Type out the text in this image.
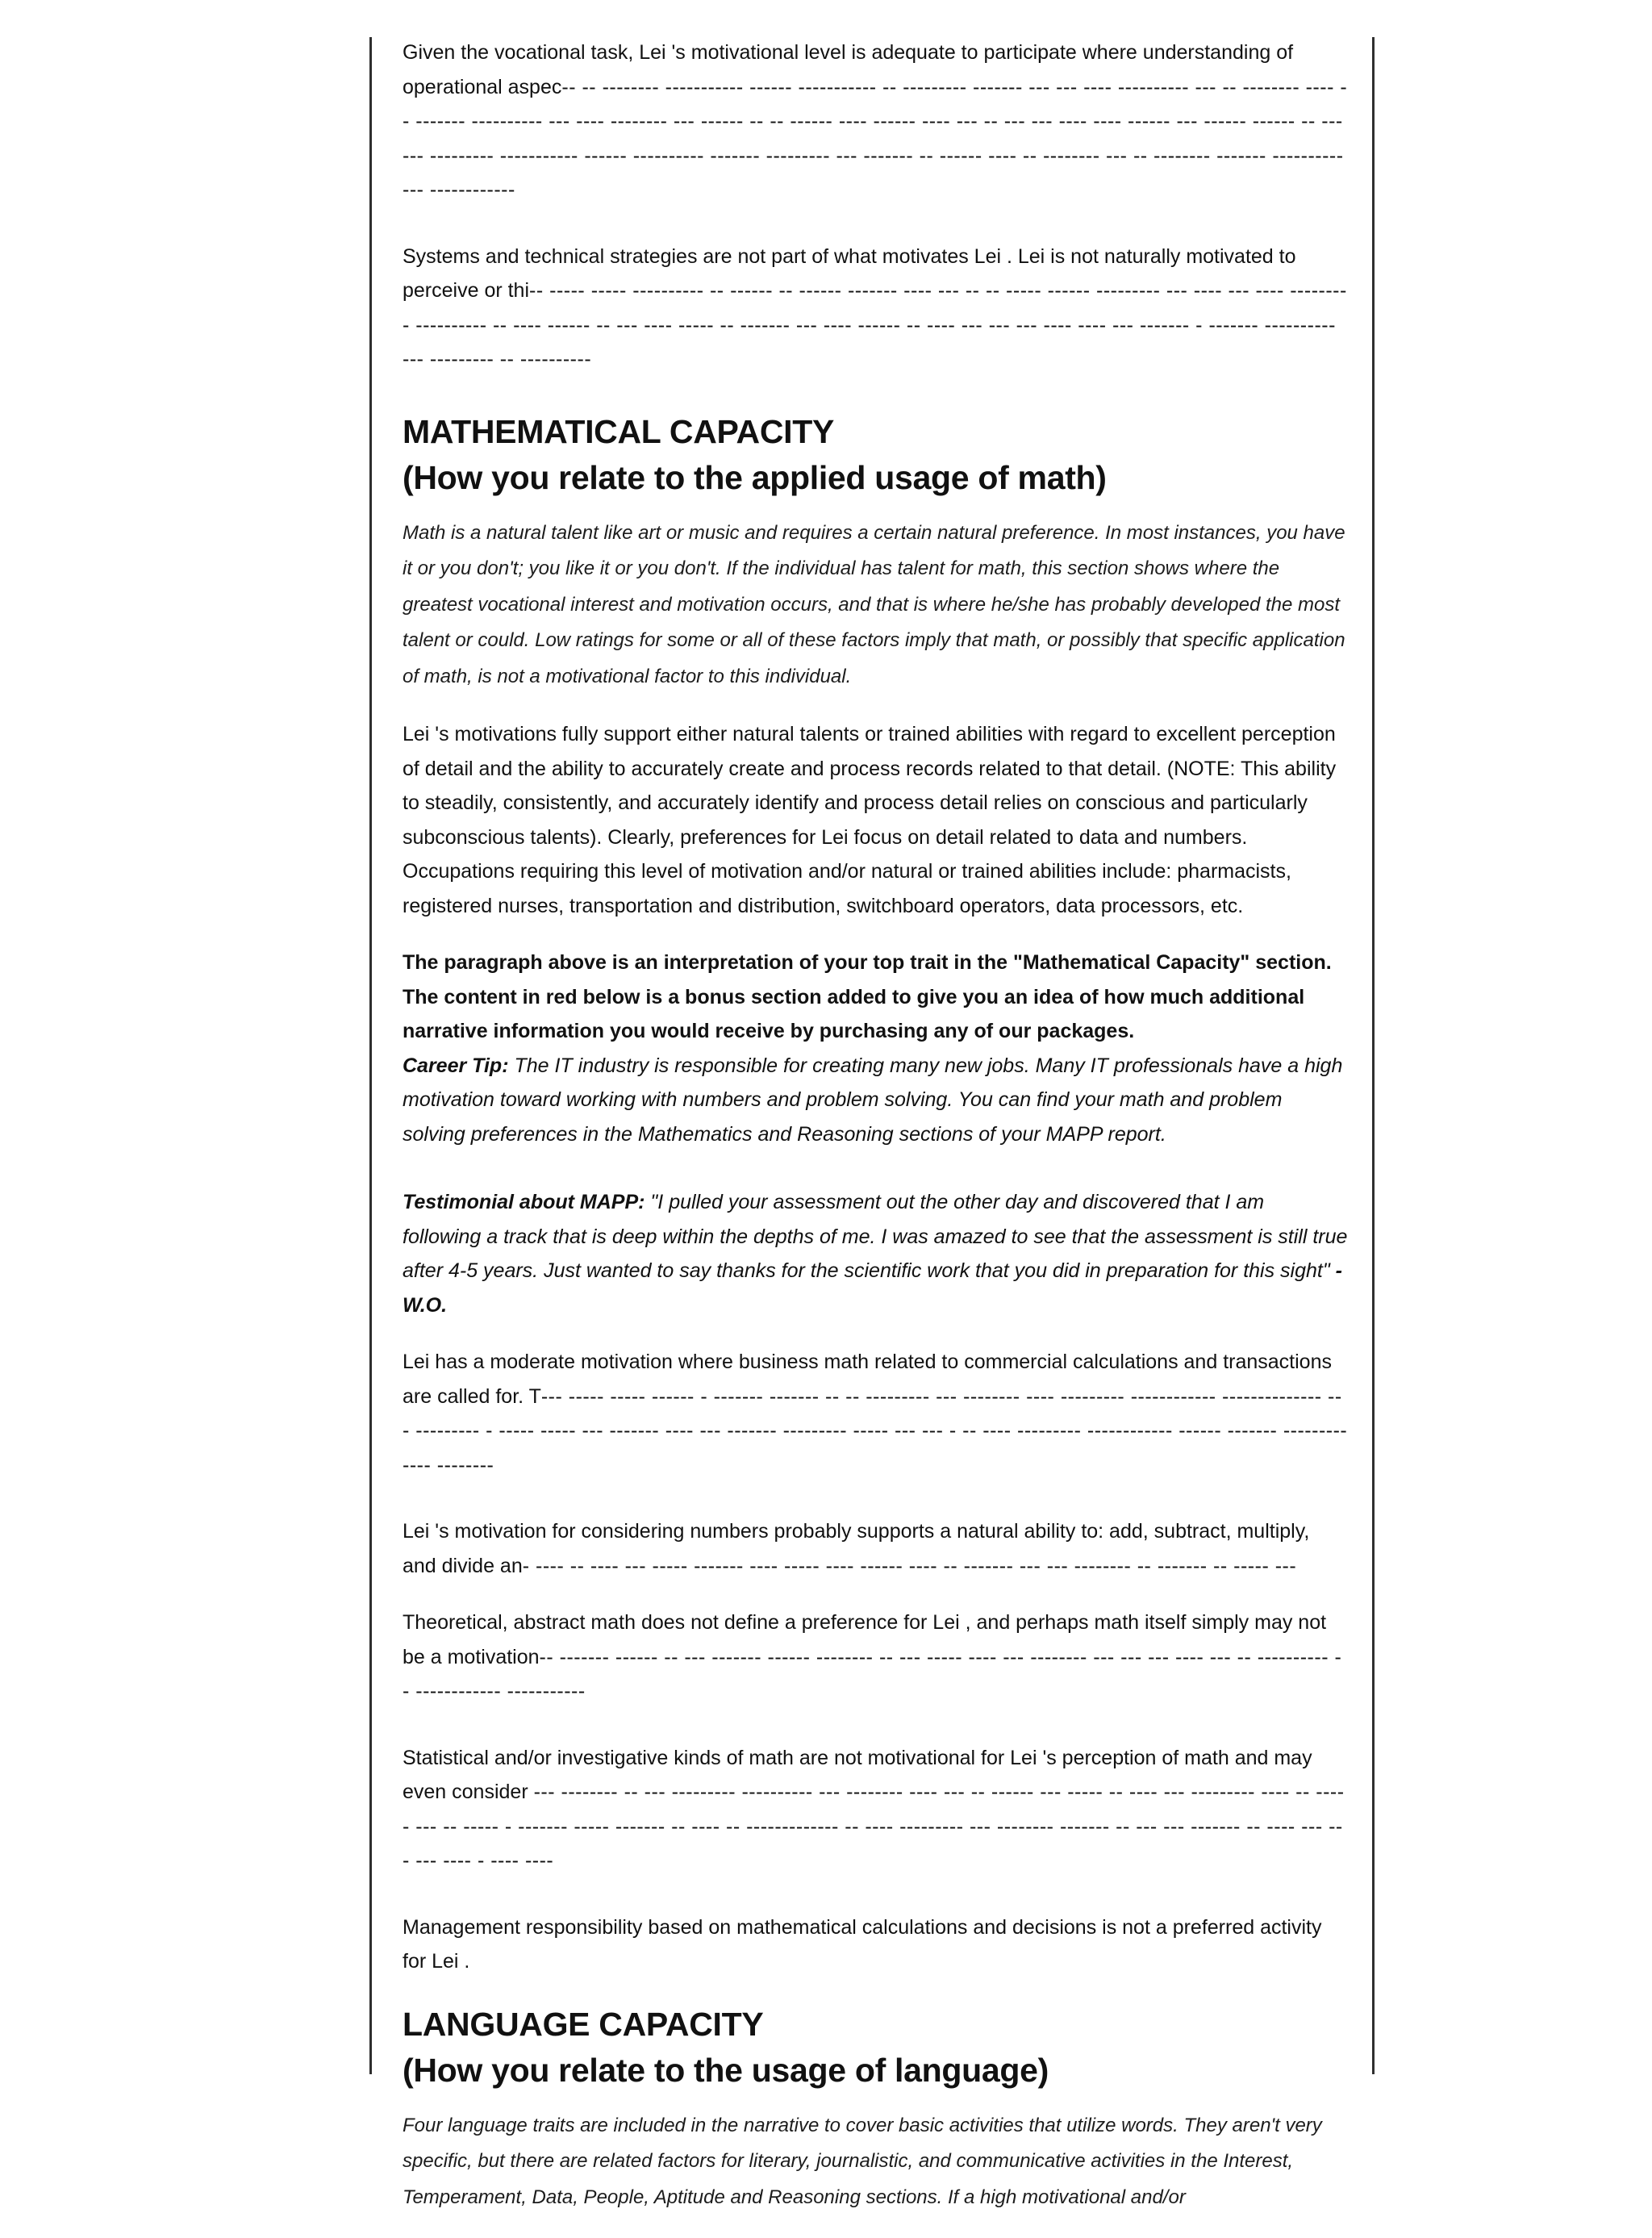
Given the vocational task, Lei 's motivational level is adequate to participate where understanding of operational aspec-- -- -------- ----------- ------ ----------- -- --------- ------- --- --- ---- ---------- --- -- -------- ---- -- ------- ---------- --- ---- -------- --- ------ -- -- ------ ---- ------ ---- --- -- --- --- ---- ---- ------ --- ------ ------ -- ------ --------- ----------- ------ ---------- ------- --------- --- ------- -- ------ ---- -- -------- --- -- -------- ------- ---------- --- ------------

Systems and technical strategies are not part of what motivates Lei . Lei is not naturally motivated to perceive or thi-- ----- ----- ---------- -- ------ -- ------ ------- ---- --- -- -- ----- ------ --------- --- ---- --- ---- --------- ---------- -- ---- ------ -- --- ---- ----- -- ------- --- ---- ------ -- ---- --- --- --- ---- ---- --- ------- - ------- ---------- --- --------- -- ----------

MATHEMATICAL CAPACITY
(How you relate to the applied usage of math)

Math is a natural talent like art or music and requires a certain natural preference. In most instances, you have it or you don't; you like it or you don't. If the individual has talent for math, this section shows where the greatest vocational interest and motivation occurs, and that is where he/she has probably developed the most talent or could. Low ratings for some or all of these factors imply that math, or possibly that specific application of math, is not a motivational factor to this individual.

Lei 's motivations fully support either natural talents or trained abilities with regard to excellent perception of detail and the ability to accurately create and process records related to that detail. (NOTE: This ability to steadily, consistently, and accurately identify and process detail relies on conscious and particularly subconscious talents). Clearly, preferences for Lei focus on detail related to data and numbers. Occupations requiring this level of motivation and/or natural or trained abilities include: pharmacists, registered nurses, transportation and distribution, switchboard operators, data processors, etc.

The paragraph above is an interpretation of your top trait in the "Mathematical Capacity" section. The content in red below is a bonus section added to give you an idea of how much additional narrative information you would receive by purchasing any of our packages.
Career Tip: The IT industry is responsible for creating many new jobs. Many IT professionals have a high motivation toward working with numbers and problem solving. You can find your math and problem solving preferences in the Mathematics and Reasoning sections of your MAPP report.
Testimonial about MAPP: "I pulled your assessment out the other day and discovered that I am following a track that is deep within the depths of me. I was amazed to see that the assessment is still true after 4-5 years. Just wanted to say thanks for the scientific work that you did in preparation for this sight" - W.O.

Lei has a moderate motivation where business math related to commercial calculations and transactions are called for. T--- ----- ----- ------ - ------- ------- -- -- --------- --- -------- ---- --------- ------------ -------------- --- --------- - ----- ----- --- ------- ---- --- ------- --------- ----- --- --- - -- ---- --------- ------------ ------ ------- --------- ---- --------

Lei 's motivation for considering numbers probably supports a natural ability to: add, subtract, multiply, and divide an- ---- -- ---- --- ----- ------- ---- ----- ---- ------ ---- -- ------- --- --- -------- -- ------- -- ----- ---

Theoretical, abstract math does not define a preference for Lei , and perhaps math itself simply may not be a motivation-- ------- ------ -- --- ------- ------ -------- -- --- ----- ---- --- -------- --- --- --- ---- --- -- ---------- -- ------------ -----------

Statistical and/or investigative kinds of math are not motivational for Lei 's perception of math and may even consider --- -------- -- --- --------- ---------- --- -------- ---- --- -- ------ --- ----- -- ---- --- --------- ---- -- ----- --- -- ----- - ------- ----- ------- -- ---- -- ------------- -- ---- --------- --- -------- ------- -- --- --- ------- -- ---- --- --- --- ---- - ---- ----

Management responsibility based on mathematical calculations and decisions is not a preferred activity for Lei .

LANGUAGE CAPACITY
(How you relate to the usage of language)

Four language traits are included in the narrative to cover basic activities that utilize words. They aren't very specific, but there are related factors for literary, journalistic, and communicative activities in the Interest, Temperament, Data, People, Aptitude and Reasoning sections. If a high motivational and/or
